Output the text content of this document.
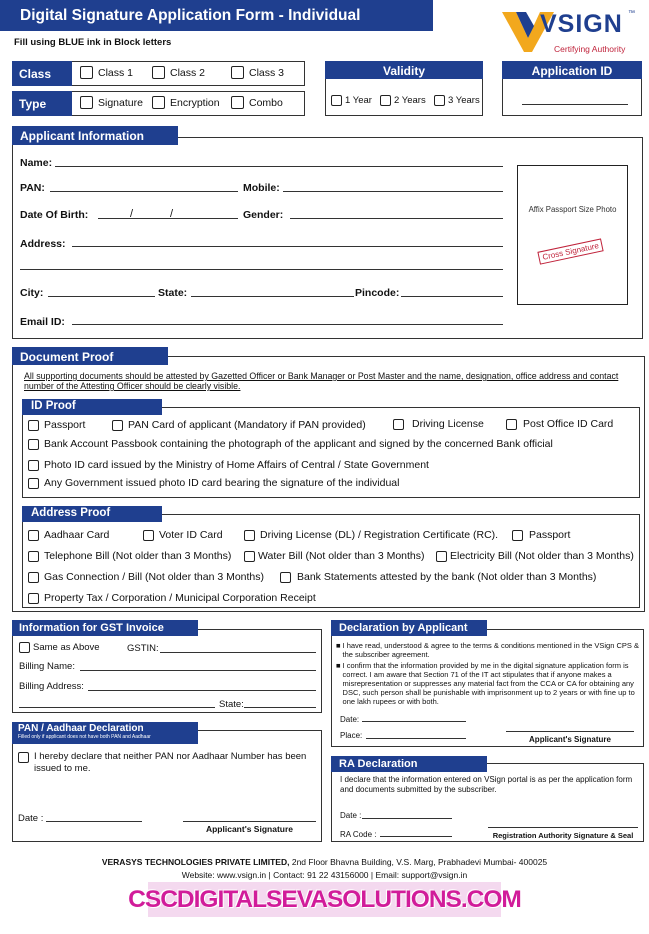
Digital Signature Application Form - Individual
Fill using BLUE ink in Block letters
VSIGN ™
Certifying Authority
Class	Class 1	Class 2	Class 3
Type	Signature	Encryption	Combo
Validity
1 Year 2 Years 3 Years
Application ID
Applicant Information
Name:
PAN:	Mobile:
Date Of Birth:	/	/	Gender:
Address:
City:	State:	Pincode:
Email ID:
Affix Passport Size Photo
Cross Signature
Document Proof
All supporting documents should be attested by Gazetted Officer or Bank Manager or Post Master and the name, designation, office address and contact number of the Attesting Officer should be clearly visible.
ID Proof
Passport	PAN Card of applicant (Mandatory if PAN provided)	Driving License	Post Office ID Card
Bank Account Passbook containing the photograph of the applicant and signed by the concerned Bank official
Photo ID card issued by the Ministry of Home Affairs of Central / State Government
Any Government issued photo ID card bearing the signature of the individual
Address Proof
Aadhaar Card	Voter ID Card	Driving License (DL) / Registration Certificate (RC).	Passport
Telephone Bill (Not older than 3 Months)	Water Bill (Not older than 3 Months) Electricity Bill (Not older than 3 Months)
Gas Connection / Bill (Not older than 3 Months)	Bank Statements attested by the bank (Not older than 3 Months)
Property Tax / Corporation / Municipal Corporation Receipt
Information for GST Invoice
Same as Above	GSTIN:
Billing Name:
Billing Address:
State:
PAN / Aadhaar Declaration
Filled only if applicant does not have both PAN and Aadhaar
I hereby declare that neither PAN nor Aadhaar Number has been issued to me.
Date :
Applicant's Signature
Declaration by Applicant
■ I have read, understood & agree to the terms & conditions mentioned in the VSign CPS & the subscriber agreement.
■ I confirm that the information provided by me in the digital signature application form is correct. I am aware that Section 71 of the IT act stipulates that if anyone makes a misrepresentation or suppresses any material fact from the CCA or CA for obtaining any DSC, such person shall be punishable with imprisonment up to 2 years or with fine up to one lakh rupees or with both.
Date:
Place:	Applicant's Signature
RA Declaration
I declare that the information entered on VSign portal is as per the application form and documents submitted by the subscriber.
Date :
RA Code :	Registration Authority Signature & Seal
VERASYS TECHNOLOGIES PRIVATE LIMITED, 2nd Floor Bhavna Building, V.S. Marg, Prabhadevi Mumbai- 400025
Website: www.vsign.in | Contact: 91 22 43156000 | Email: support@vsign.in
CSCDIGITALSEVASOLUTIONS.COM
